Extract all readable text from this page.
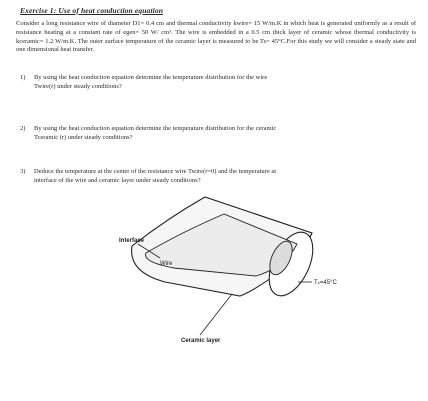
Exercise 1: Use of heat conduction equation
Consider a long resistance wire of diameter D1= 0.4 cm and thermal conductivity kwire= 15 W/m.K in which heat is generated uniformly as a result of resistance heating at a constant rate of egen= 50 W/ cm³. The wire is embedded in a 0.5 cm thick layer of ceramic whose thermal conductivity is kceramic= 1.2 W/m.K. The outer surface temperature of the ceramic layer is measured to be Ts= 45°C.For this study we will consider a steady state and one dimensional heat transfer.
1) By using the heat conduction equation determine the temperature distribution for the wire
Twire(r) under steady conditions?
2) By using the heat conduction equation determine the temperature distribution for the ceramic
Tceramic (r) under steady conditions?
3) Deduce the temperature at the center of the resistance wire Twire(r=0) and the temperature at
interface of the wire and ceramic layer under steady conditions?
Interface
Wire
Tₛ=45°C
Ceramic layer
